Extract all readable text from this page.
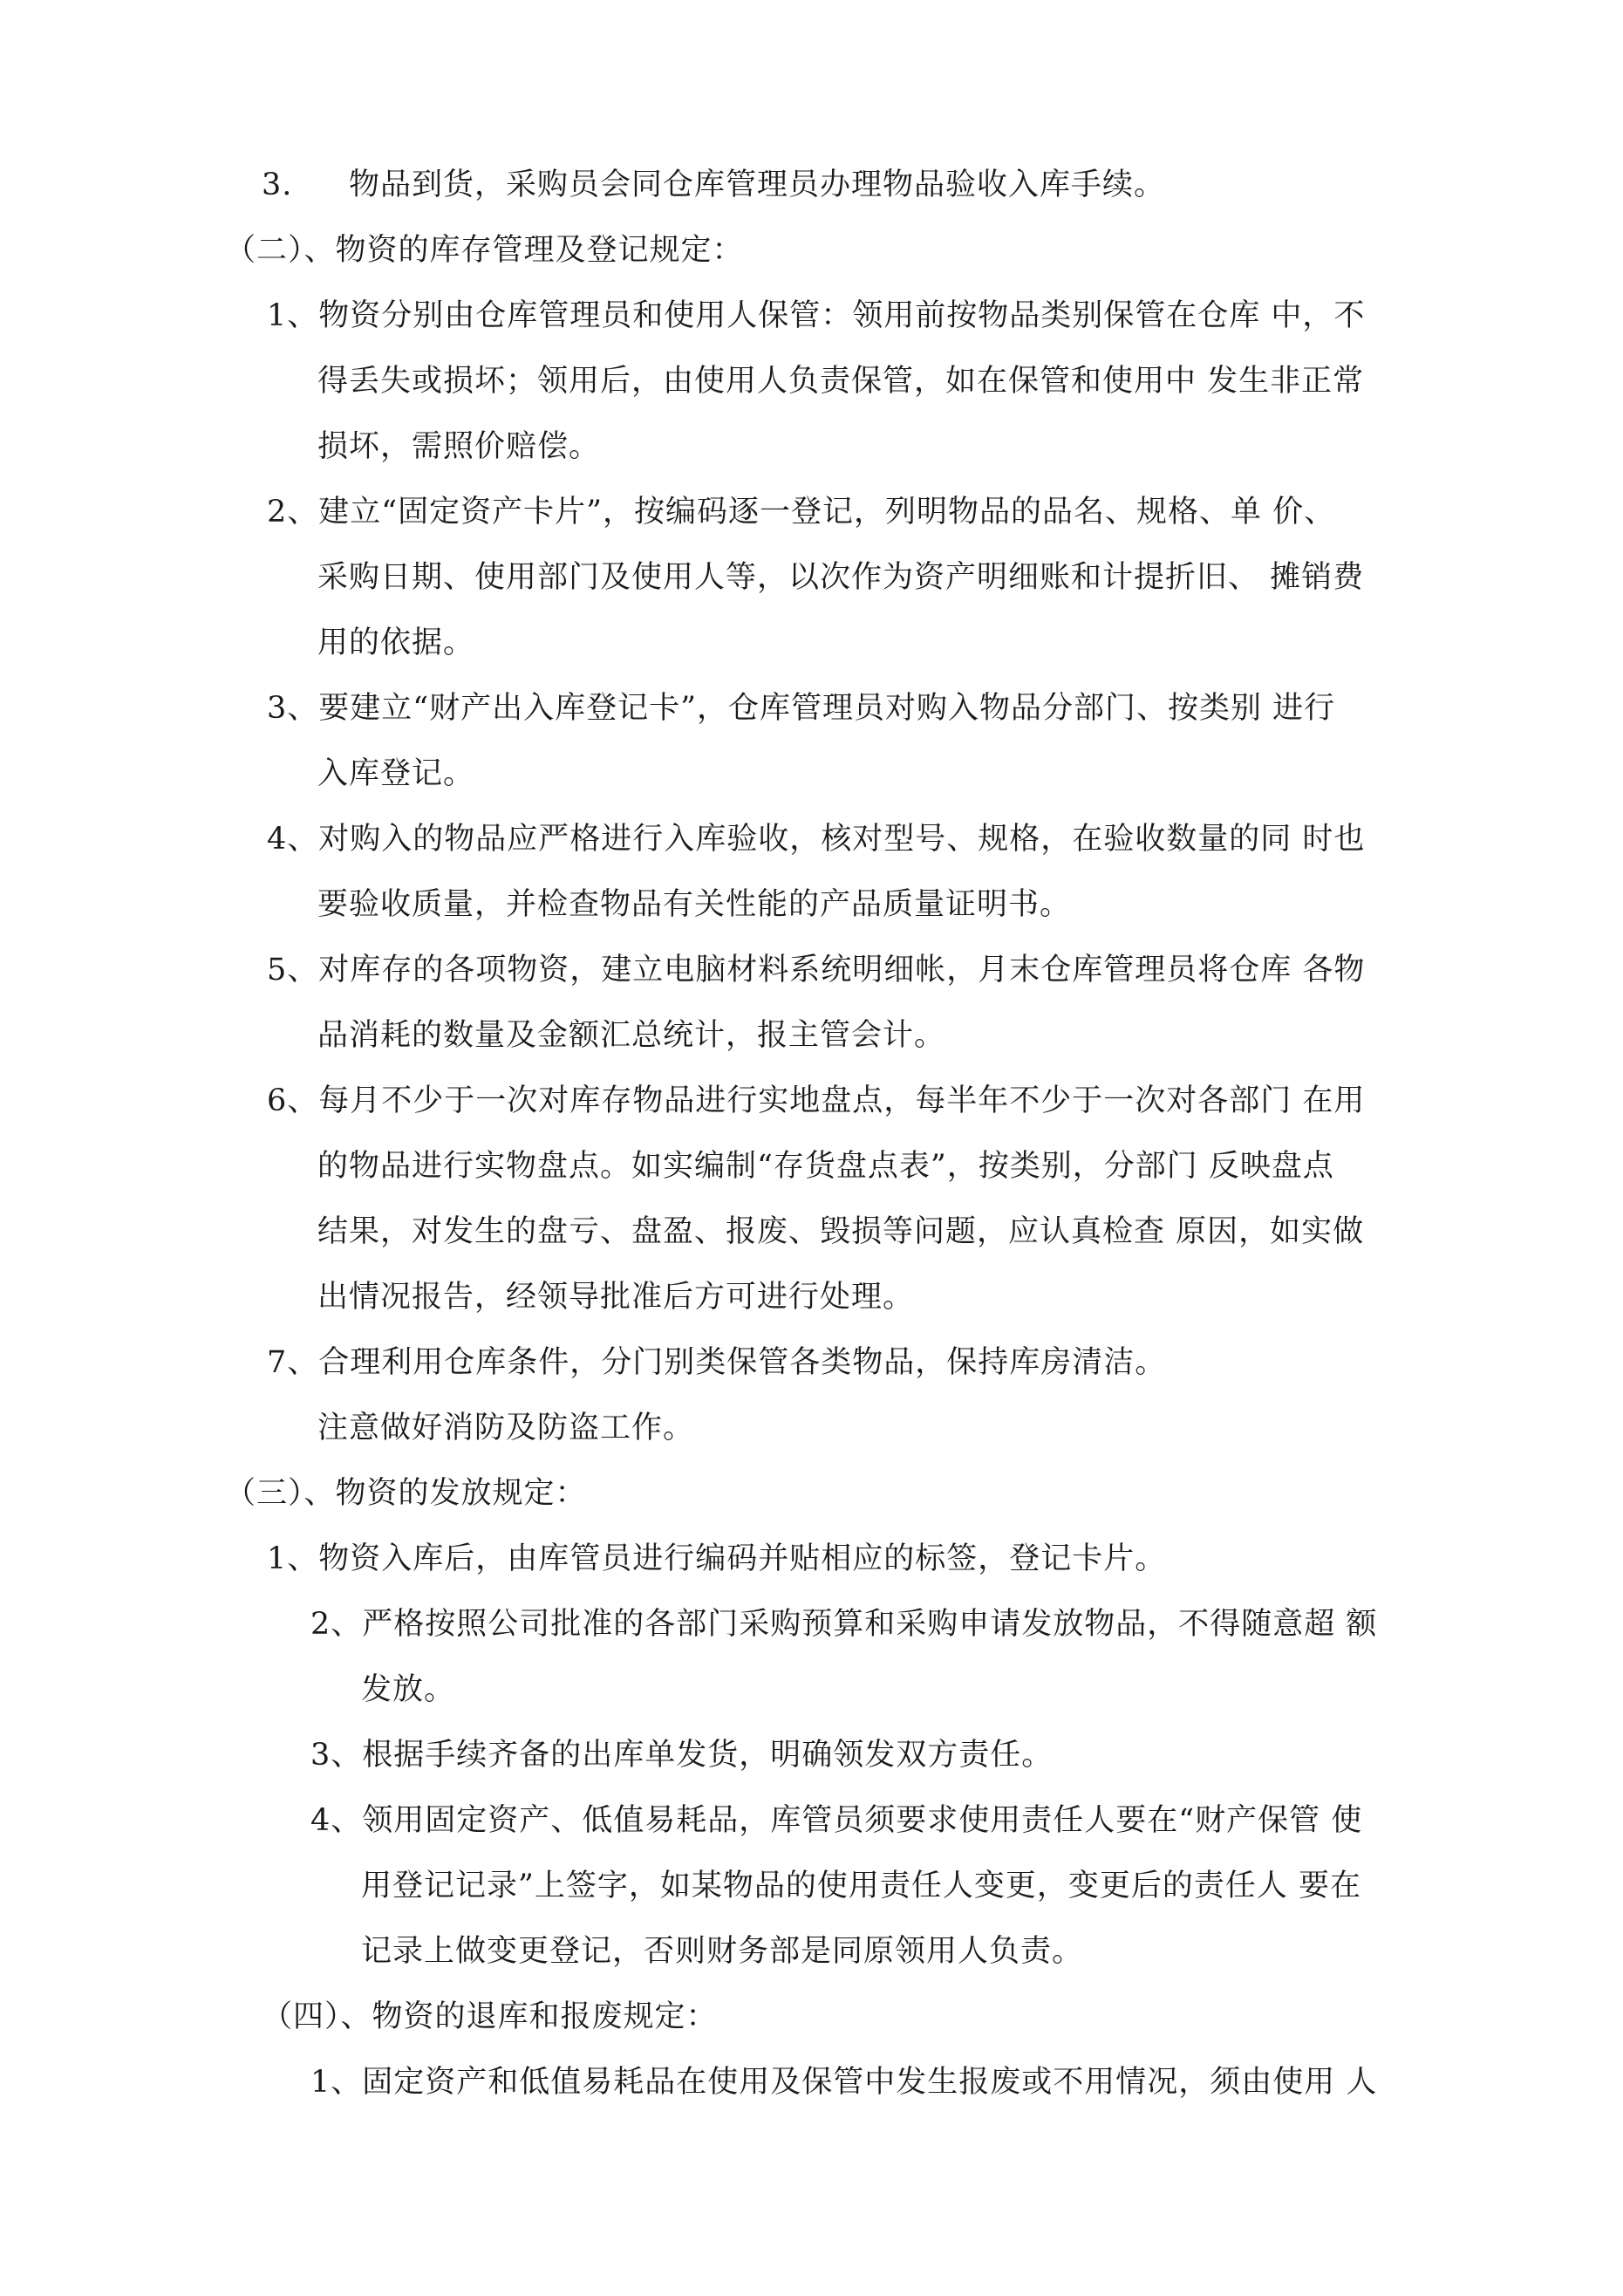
3. 物品到货，采购员会同仓库管理员办理物品验收入库手续。
（二）、物资的库存管理及登记规定：
1、物资分别由仓库管理员和使用人保管：领用前按物品类别保管在仓库 中，不
得丢失或损坏；领用后，由使用人负责保管，如在保管和使用中 发生非正常
损坏，需照价赔偿。
2、建立“固定资产卡片”，按编码逐一登记，列明物品的品名、规格、单 价、
采购日期、使用部门及使用人等，以次作为资产明细账和计提折旧、 摊销费
用的依据。
3、要建立“财产出入库登记卡”，仓库管理员对购入物品分部门、按类别 进行
入库登记。
4、对购入的物品应严格进行入库验收，核对型号、规格，在验收数量的同 时也
要验收质量，并检查物品有关性能的产品质量证明书。
5、对库存的各项物资，建立电脑材料系统明细帐，月末仓库管理员将仓库 各物
品消耗的数量及金额汇总统计，报主管会计。
6、每月不少于一次对库存物品进行实地盘点，每半年不少于一次对各部门 在用
的物品进行实物盘点。如实编制“存货盘点表”，按类别，分部门 反映盘点
结果，对发生的盘亏、盘盈、报废、毁损等问题，应认真检查 原因，如实做
出情况报告，经领导批准后方可进行处理。
7、合理利用仓库条件，分门别类保管各类物品，保持库房清洁。
注意做好消防及防盗工作。
（三）、物资的发放规定：
1、物资入库后，由库管员进行编码并贴相应的标签，登记卡片。
2、严格按照公司批准的各部门采购预算和采购申请发放物品，不得随意超 额
发放。
3、根据手续齐备的出库单发货，明确领发双方责任。
4、领用固定资产、低值易耗品，库管员须要求使用责任人要在“财产保管 使
用登记记录”上签字，如某物品的使用责任人变更，变更后的责任人 要在
记录上做变更登记，否则财务部是同原领用人负责。
（四）、物资的退库和报废规定：
1、固定资产和低值易耗品在使用及保管中发生报废或不用情况，须由使用 人
